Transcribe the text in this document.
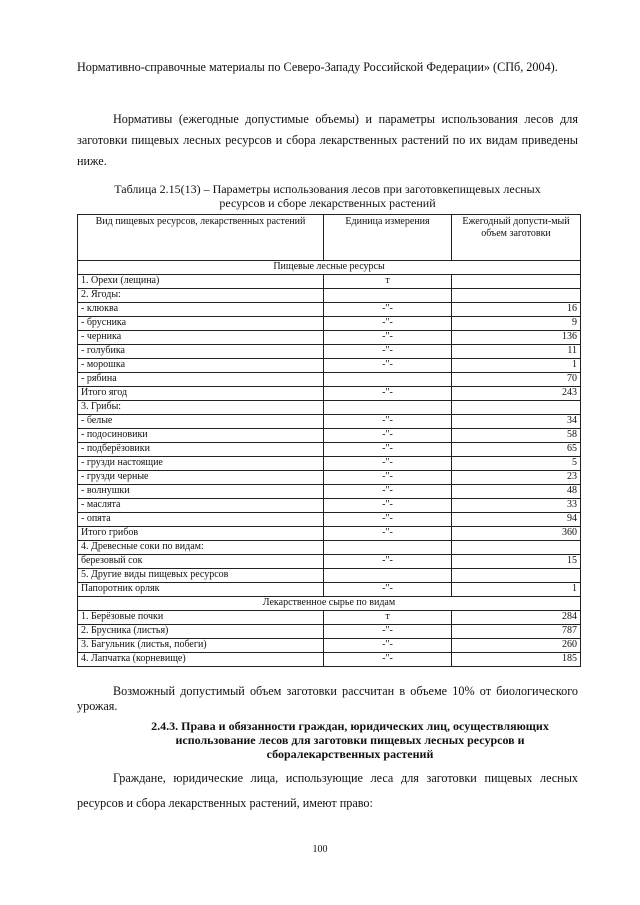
Нормативно-справочные материалы по Северо-Западу Российской Федерации» (СПб, 2004).

Нормативы (ежегодные допустимые объемы) и параметры использования лесов для заготовки пищевых лесных ресурсов и сбора лекарственных растений по их видам приведены ниже.

Таблица 2.15(13) – Параметры использования лесов при заготовкепищевых лесных

ресурсов и сборе лекарственных растений

Вид пищевых ресурсов, лекарственных растений	Единица измерения	Ежегодный допусти-мый объем заготовки
Пищевые лесные ресурсы		
1. Орехи (лещина)	т	
2. Ягоды:		
- клюква	-"-	16
- брусника	-"-	9
- черника	-"-	136
- голубика	-"-	11
- морошка	-"-	1
- рябина		70
Итого ягод	-"-	243
3. Грибы:		
- белые	-"-	34
- подосиновики	-"-	58
- подберёзовики	-"-	65
- грузди настоящие	-"-	5
- грузди черные	-"-	23
- волнушки	-"-	48
- маслята	-"-	33
- опята	-"-	94
Итого грибов	-"-	360
4. Древесные соки по видам:		
березовый сок	-"-	15
5. Другие виды пищевых ресурсов		
Папоротник орляк	-"-	1
Лекарственное сырье по видам		
1. Берёзовые почки	т	284
2. Брусника (листья)	-"-	787
3. Багульник (листья, побеги)	-"-	260
4. Лапчатка (корневище)	-"-	185

Возможный допустимый объем заготовки рассчитан в объеме 10% от биологического урожая.

2.4.3. Права и обязанности граждан, юридических лиц, осуществляющих использование лесов для заготовки пищевых лесных ресурсов и сборалекарственных растений

Граждане, юридические лица, использующие леса для заготовки пищевых лесных ресурсов и сбора лекарственных растений, имеют право:

100
